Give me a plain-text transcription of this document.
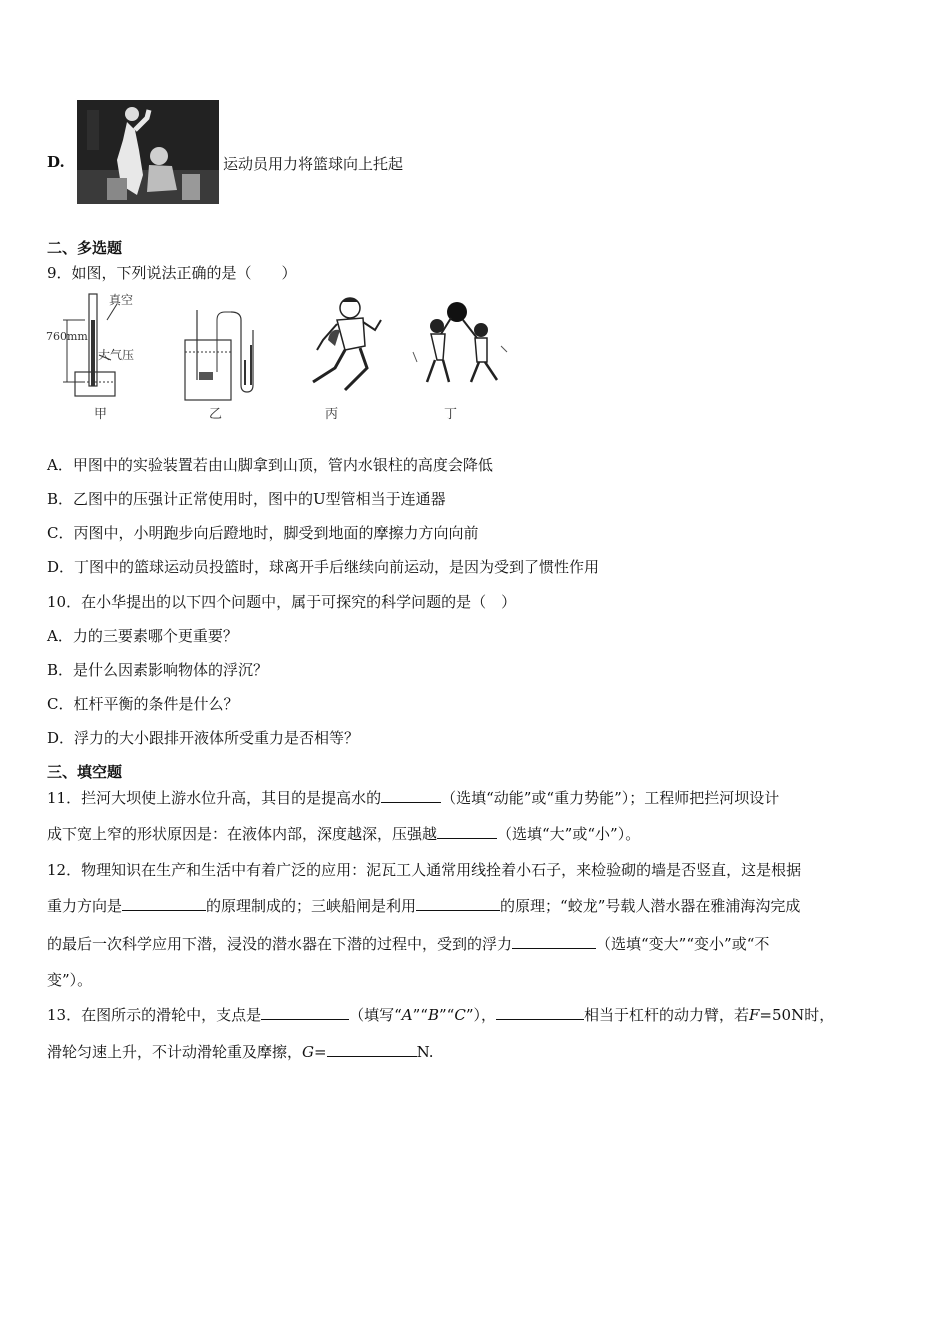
D.	运动员用力将篮球向上托起
二、多选题
9．如图，下列说法正确的是（　　）
真空
760mm
大气压
甲	乙	丙	丁
A．甲图中的实验装置若由山脚拿到山顶，管内水银柱的高度会降低
B．乙图中的压强计正常使用时，图中的U型管相当于连通器
C．丙图中，小明跑步向后蹬地时，脚受到地面的摩擦力方向向前
D．丁图中的篮球运动员投篮时，球离开手后继续向前运动，是因为受到了惯性作用
10．在小华提出的以下四个问题中，属于可探究的科学问题的是（　）
A．力的三要素哪个更重要？
B．是什么因素影响物体的浮沉？
C．杠杆平衡的条件是什么？
D．浮力的大小跟排开液体所受重力是否相等？
三、填空题
11．拦河大坝使上游水位升高，其目的是提高水的	（选填“动能”或“重力势能”）；工程师把拦河坝设计
成下宽上窄的形状原因是：在液体内部，深度越深，压强越	（选填“大”或“小”）。
12．物理知识在生产和生活中有着广泛的应用：泥瓦工人通常用线拴着小石子，来检验砌的墙是否竖直，这是根据
重力方向是	的原理制成的；三峡船闸是利用	的原理；“蛟龙”号载人潜水器在雅浦海沟完成
的最后一次科学应用下潜，浸没的潜水器在下潜的过程中，受到的浮力	（选填“变大”“变小”或“不
变”）。
13．在图所示的滑轮中，支点是	（填写“A”“B”“C”），	相当于杠杆的动力臂，若F=50N时，
滑轮匀速上升，不计动滑轮重及摩擦，G=	N.
